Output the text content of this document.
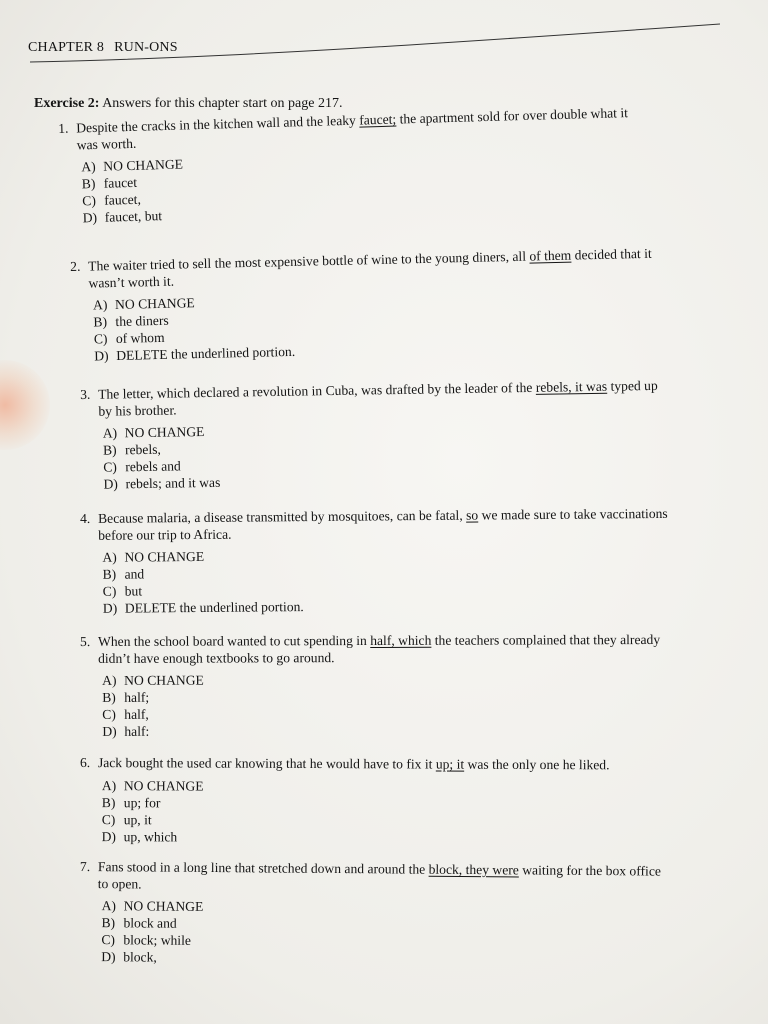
CHAPTER 8 RUN-ONS
Exercise 2: Answers for this chapter start on page 217.
1. Despite the cracks in the kitchen wall and the leaky faucet; the apartment sold for over double what it
was worth.
A) NO CHANGE
B) faucet
C) faucet,
D) faucet, but
2. The waiter tried to sell the most expensive bottle of wine to the young diners, all of them decided that it
wasn’t worth it.
A) NO CHANGE
B) the diners
C) of whom
D) DELETE the underlined portion.
3. The letter, which declared a revolution in Cuba, was drafted by the leader of the rebels, it was typed up
by his brother.
A) NO CHANGE
B) rebels,
C) rebels and
D) rebels; and it was
4. Because malaria, a disease transmitted by mosquitoes, can be fatal, so we made sure to take vaccinations
before our trip to Africa.
A) NO CHANGE
B) and
C) but
D) DELETE the underlined portion.
5. When the school board wanted to cut spending in half, which the teachers complained that they already
didn’t have enough textbooks to go around.
A) NO CHANGE
B) half;
C) half,
D) half:
6. Jack bought the used car knowing that he would have to fix it up; it was the only one he liked.
A) NO CHANGE
B) up; for
C) up, it
D) up, which
7. Fans stood in a long line that stretched down and around the block, they were waiting for the box office
to open.
A) NO CHANGE
B) block and
C) block; while
D) block,
